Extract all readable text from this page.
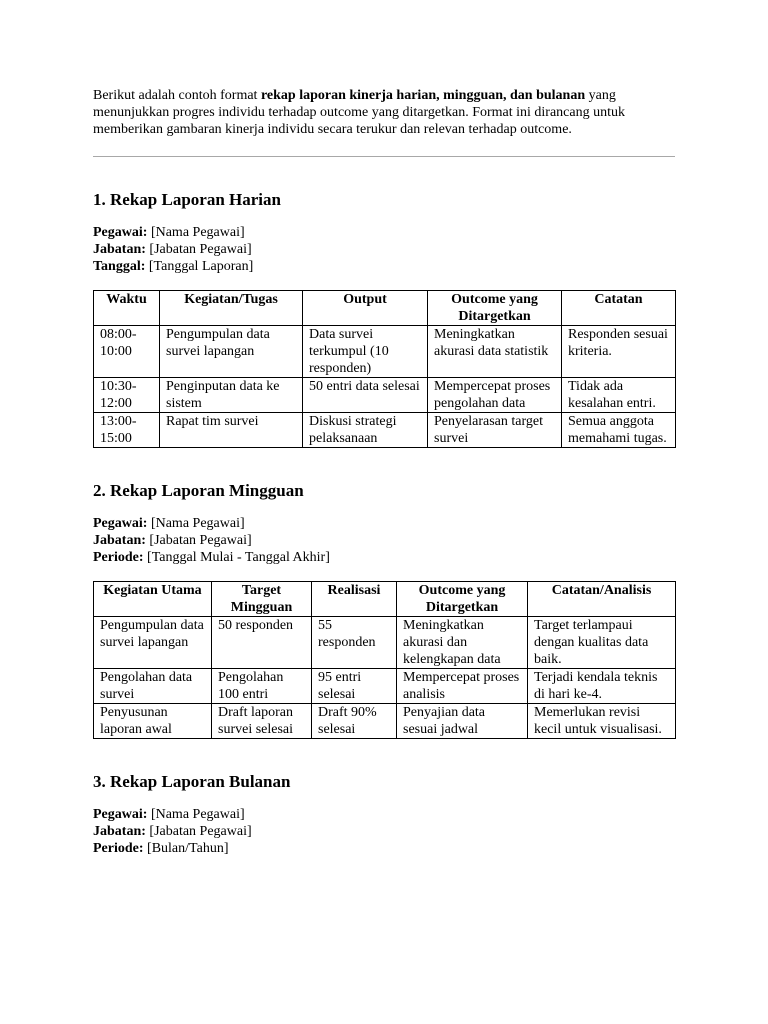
Berikut adalah contoh format rekap laporan kinerja harian, mingguan, dan bulanan yang menunjukkan progres individu terhadap outcome yang ditargetkan. Format ini dirancang untuk memberikan gambaran kinerja individu secara terukur dan relevan terhadap outcome.

1. Rekap Laporan Harian

Pegawai: [Nama Pegawai]

Jabatan: [Jabatan Pegawai]

Tanggal: [Tanggal Laporan]

Waktu	Kegiatan/Tugas	Output	Outcome yang Ditargetkan	Catatan
08:00-10:00	Pengumpulan data survei lapangan	Data survei terkumpul (10 responden)	Meningkatkan akurasi data statistik	Responden sesuai kriteria.
10:30-12:00	Penginputan data ke sistem	50 entri data selesai	Mempercepat proses pengolahan data	Tidak ada kesalahan entri.
13:00-15:00	Rapat tim survei	Diskusi strategi pelaksanaan	Penyelarasan target survei	Semua anggota memahami tugas.
2. Rekap Laporan Mingguan

Pegawai: [Nama Pegawai]

Jabatan: [Jabatan Pegawai]

Periode: [Tanggal Mulai - Tanggal Akhir]

Kegiatan Utama	Target Mingguan	Realisasi	Outcome yang Ditargetkan	Catatan/Analisis
Pengumpulan data survei lapangan	50 responden	55 responden	Meningkatkan akurasi dan kelengkapan data	Target terlampaui dengan kualitas data baik.
Pengolahan data survei	Pengolahan 100 entri	95 entri selesai	Mempercepat proses analisis	Terjadi kendala teknis di hari ke-4.
Penyusunan laporan awal	Draft laporan survei selesai	Draft 90% selesai	Penyajian data sesuai jadwal	Memerlukan revisi kecil untuk visualisasi.
3. Rekap Laporan Bulanan

Pegawai: [Nama Pegawai]

Jabatan: [Jabatan Pegawai]

Periode: [Bulan/Tahun]
